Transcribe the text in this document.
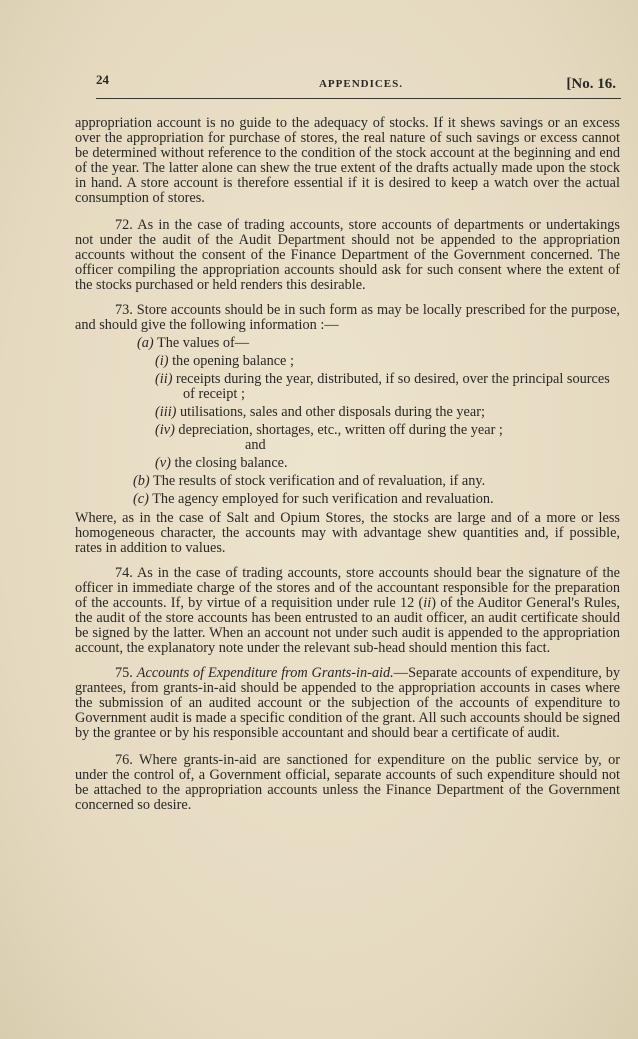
24	APPENDICES.	[No. 16.

appropriation account is no guide to the adequacy of stocks. If it shews savings or an excess over the appropriation for purchase of stores, the real nature of such savings or excess cannot be determined without reference to the condition of the stock account at the beginning and end of the year. The latter alone can shew the true extent of the drafts actually made upon the stock in hand. A store account is therefore essential if it is desired to keep a watch over the actual consumption of stores.

72. As in the case of trading accounts, store accounts of departments or undertakings not under the audit of the Audit Department should not be appended to the appropriation accounts without the consent of the Finance Department of the Government concerned. The officer compiling the appropriation accounts should ask for such consent where the extent of the stocks purchased or held renders this desirable.

73. Store accounts should be in such form as may be locally prescribed for the purpose, and should give the following information :—

(a) The values of—
(i) the opening balance ;
(ii) receipts during the year, distributed, if so desired, over the principal sources of receipt ;
(iii) utilisations, sales and other disposals during the year;
(iv) depreciation, shortages, etc., written off during the year ;
and
(v) the closing balance.
(b) The results of stock verification and of revaluation, if any.
(c) The agency employed for such verification and revaluation.

Where, as in the case of Salt and Opium Stores, the stocks are large and of a more or less homogeneous character, the accounts may with advantage shew quantities and, if possible, rates in addition to values.

74. As in the case of trading accounts, store accounts should bear the signature of the officer in immediate charge of the stores and of the accountant responsible for the preparation of the accounts. If, by virtue of a requisition under rule 12 (ii) of the Auditor General's Rules, the audit of the store accounts has been entrusted to an audit officer, an audit certificate should be signed by the latter. When an account not under such audit is appended to the appropriation account, the explanatory note under the relevant sub-head should mention this fact.

75. Accounts of Expenditure from Grants-in-aid.—Separate accounts of expenditure, by grantees, from grants-in-aid should be appended to the appropriation accounts in cases where the submission of an audited account or the subjection of the accounts of expenditure to Government audit is made a specific condition of the grant. All such accounts should be signed by the grantee or by his responsible accountant and should bear a certificate of audit.

76. Where grants-in-aid are sanctioned for expenditure on the public service by, or under the control of, a Government official, separate accounts of such expenditure should not be attached to the appropriation accounts unless the Finance Department of the Government concerned so desire.
